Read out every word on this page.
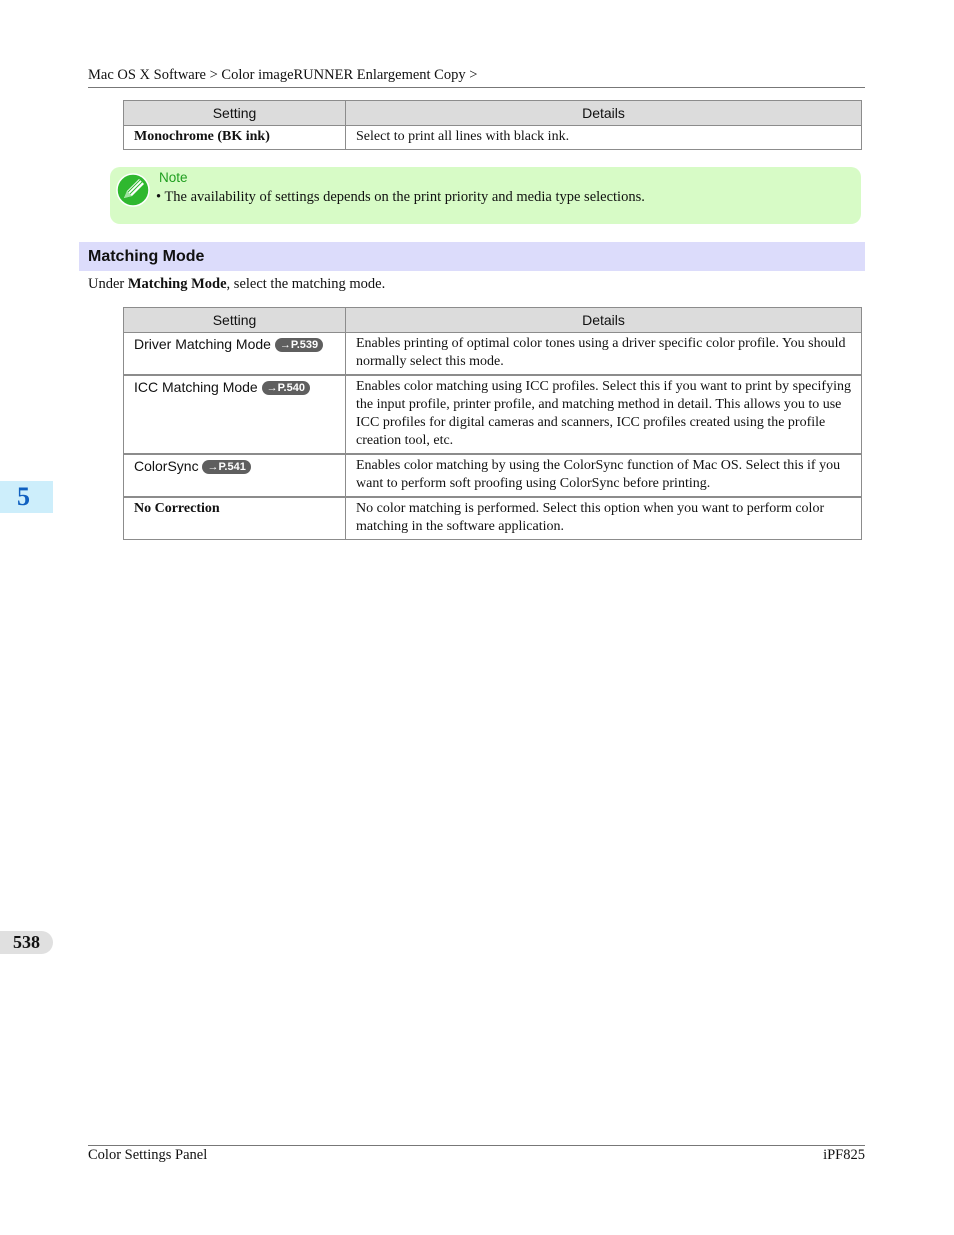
Mac OS X Software > Color imageRUNNER Enlargement Copy >
Setting	Details
Monochrome (BK ink)	Select to print all lines with black ink.
Note
• The availability of settings depends on the print priority and media type selections.
Matching Mode
Under Matching Mode, select the matching mode.
Setting	Details
Driver Matching Mode →P.539	Enables printing of optimal color tones using a driver specific color profile. You should normally select this mode.
ICC Matching Mode →P.540	Enables color matching using ICC profiles. Select this if you want to print by specifying the input profile, printer profile, and matching method in detail. This allows you to use ICC profiles for digital cameras and scanners, ICC profiles created using the profile creation tool, etc.
ColorSync →P.541	Enables color matching by using the ColorSync function of Mac OS. Select this if you want to perform soft proofing using ColorSync before printing.
No Correction	No color matching is performed. Select this option when you want to perform color matching in the software application.
5
538
Color Settings Panel	iPF825
